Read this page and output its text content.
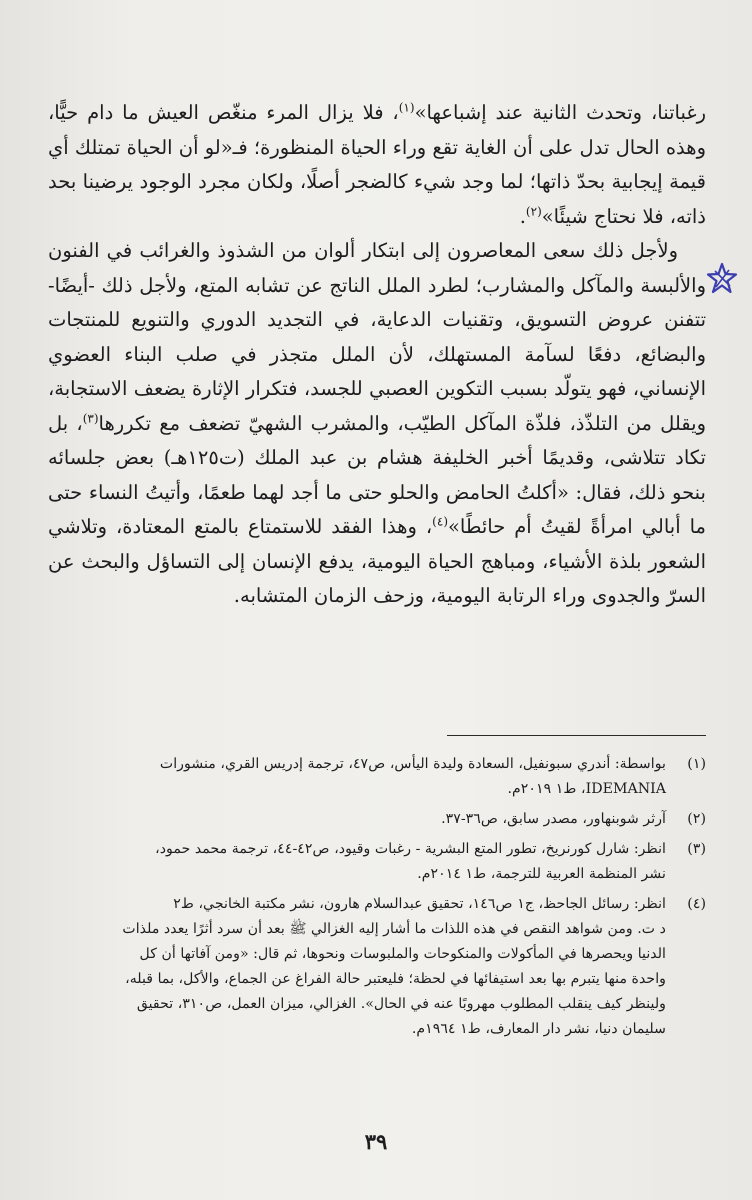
رغباتنا، وتحدث الثانية عند إشباعها»$^{(١)}$، فلا يزال المرء منغّص العيش ما دام حيًّا، وهذه الحال تدل على أن الغاية تقع وراء الحياة المنظورة؛ فـ«لو أن الحياة تمتلك أي قيمة إيجابية بحدّ ذاتها؛ لما وجد شيء كالضجر أصلًا، ولكان مجرد الوجود يرضينا بحد ذاته، فلا نحتاج شيئًا»$^{(٢)}$.

ولأجل ذلك سعى المعاصرون إلى ابتكار ألوان من الشذوذ والغرائب في الفنون والألبسة والمآكل والمشارب؛ لطرد الملل الناتج عن تشابه المتع، ولأجل ذلك -أيضًا- تتفنن عروض التسويق، وتقنيات الدعاية، في التجديد الدوري والتنويع للمنتجات والبضائع، دفعًا لسآمة المستهلك، لأن الملل متجذر في صلب البناء العضوي الإنساني، فهو يتولّد بسبب التكوين العصبي للجسد، فتكرار الإثارة يضعف الاستجابة، ويقلل من التلذّذ، فلذّة المآكل الطيّب، والمشرب الشهيّ تضعف مع تكررها$^{(٣)}$، بل تكاد تتلاشى، وقديمًا أخبر الخليفة هشام بن عبد الملك (ت١٢٥هـ) بعض جلسائه بنحو ذلك، فقال: «أكلتُ الحامض والحلو حتى ما أجد لهما طعمًا، وأتيتُ النساء حتى ما أبالي امرأةً لقيتُ أم حائطًا»$^{(٤)}$، وهذا الفقد للاستمتاع بالمتع المعتادة، وتلاشي الشعور بلذة الأشياء، ومباهج الحياة اليومية، يدفع الإنسان إلى التساؤل والبحث عن السرّ والجدوى وراء الرتابة اليومية، وزحف الزمان المتشابه.

(١)
بواسطة: أندري سبونفيل، السعادة وليدة اليأس، ص٤٧، ترجمة إدريس القري، منشورات
IDEMANIA، ط١ ٢٠١٩م.
(٢)
آرثر شوبنهاور، مصدر سابق، ص٣٦-٣٧.
(٣)
انظر: شارل كورنريخ، تطور المتع البشرية - رغبات وقيود، ص٤٢-٤٤، ترجمة محمد حمود،
نشر المنظمة العربية للترجمة، ط١ ٢٠١٤م.
(٤)
انظر: رسائل الجاحظ، ج١ ص١٤٦، تحقيق عبدالسلام هارون، نشر مكتبة الخانجي، ط٢
د ت. ومن شواهد النقص في هذه اللذات ما أشار إليه الغزالي ﷺ بعد أن سرد أثرًا يعدد ملذات
الدنيا ويحصرها في المأكولات والمنكوحات والملبوسات ونحوها، ثم قال: «ومن آفاتها أن كل
واحدة منها يتبرم بها بعد استيفائها في لحظة؛ فليعتبر حالة الفراغ عن الجماع، والأكل، بما قبله،
ولينظر كيف ينقلب المطلوب مهروبًا عنه في الحال». الغزالي، ميزان العمل، ص٣١٠، تحقيق
سليمان دنيا، نشر دار المعارف، ط١ ١٩٦٤م.
٣٩
